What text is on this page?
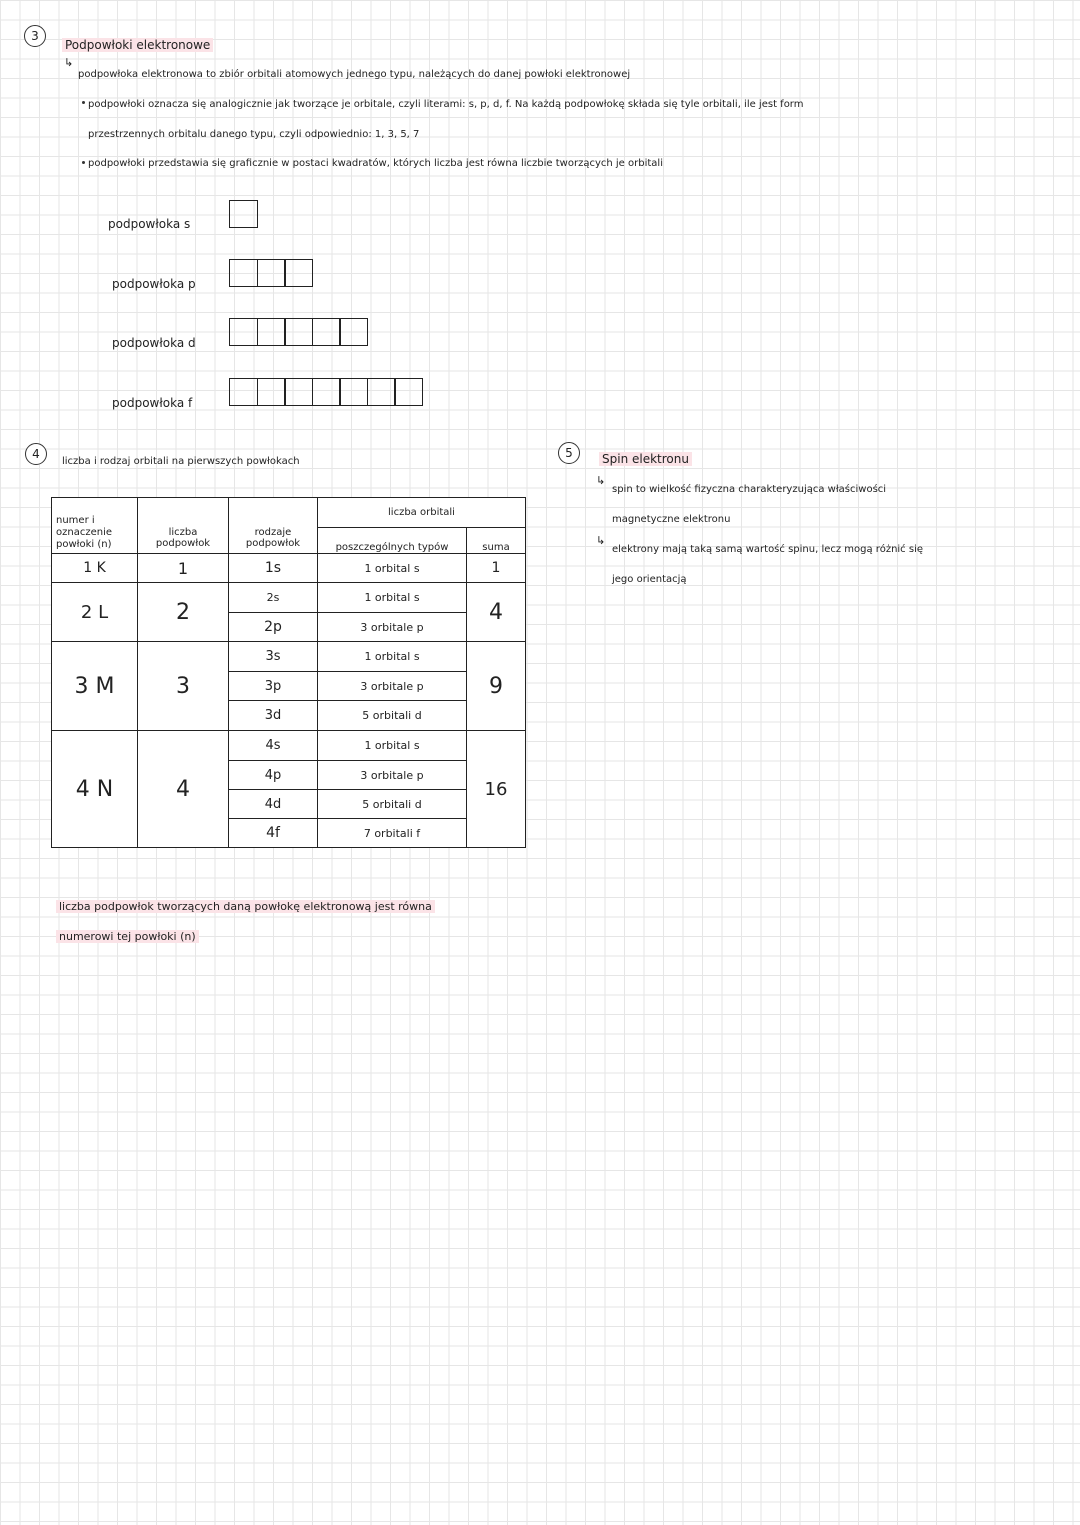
3
Podpowłoki elektronowe
↳
podpowłoka elektronowa to zbiór orbitali atomowych jednego typu, należących do danej powłoki elektronowej
podpowłoki oznacza się analogicznie jak tworzące je orbitale, czyli literami: s, p, d, f. Na każdą podpowłokę składa się tyle orbitali, ile jest form
przestrzennych orbitalu danego typu, czyli odpowiednio: 1, 3, 5, 7
podpowłoki przedstawia się graficznie w postaci kwadratów, których liczba jest równa liczbie tworzących je orbitali
podpowłoka s
podpowłoka p
podpowłoka d
podpowłoka f
4
liczba i rodzaj orbitali na pierwszych powłokach
numer i oznaczenie powłoki (n)	liczba podpowłok	rodzaje podpowłok	liczba orbitali	
			poszczególnych typów	suma
1 K	1	1s	1 orbital s	1
2 L	2	2s	1 orbital s	4
		2p	3 orbitale p	
3 M	3	3s	1 orbital s	9
		3p	3 orbitale p	
		3d	5 orbitali d	
4 N	4	4s	1 orbital s	16
		4p	3 orbitale p	
		4d	5 orbitali d	
		4f	7 orbitali f	
liczba podpowłok tworzących daną powłokę elektronową jest równa
numerowi tej powłoki (n)
5	Spin elektronu
↳
spin to wielkość fizyczna charakteryzująca właściwości
magnetyczne elektronu
↳
elektrony mają taką samą wartość spinu, lecz mogą różnić się
jego orientacją
